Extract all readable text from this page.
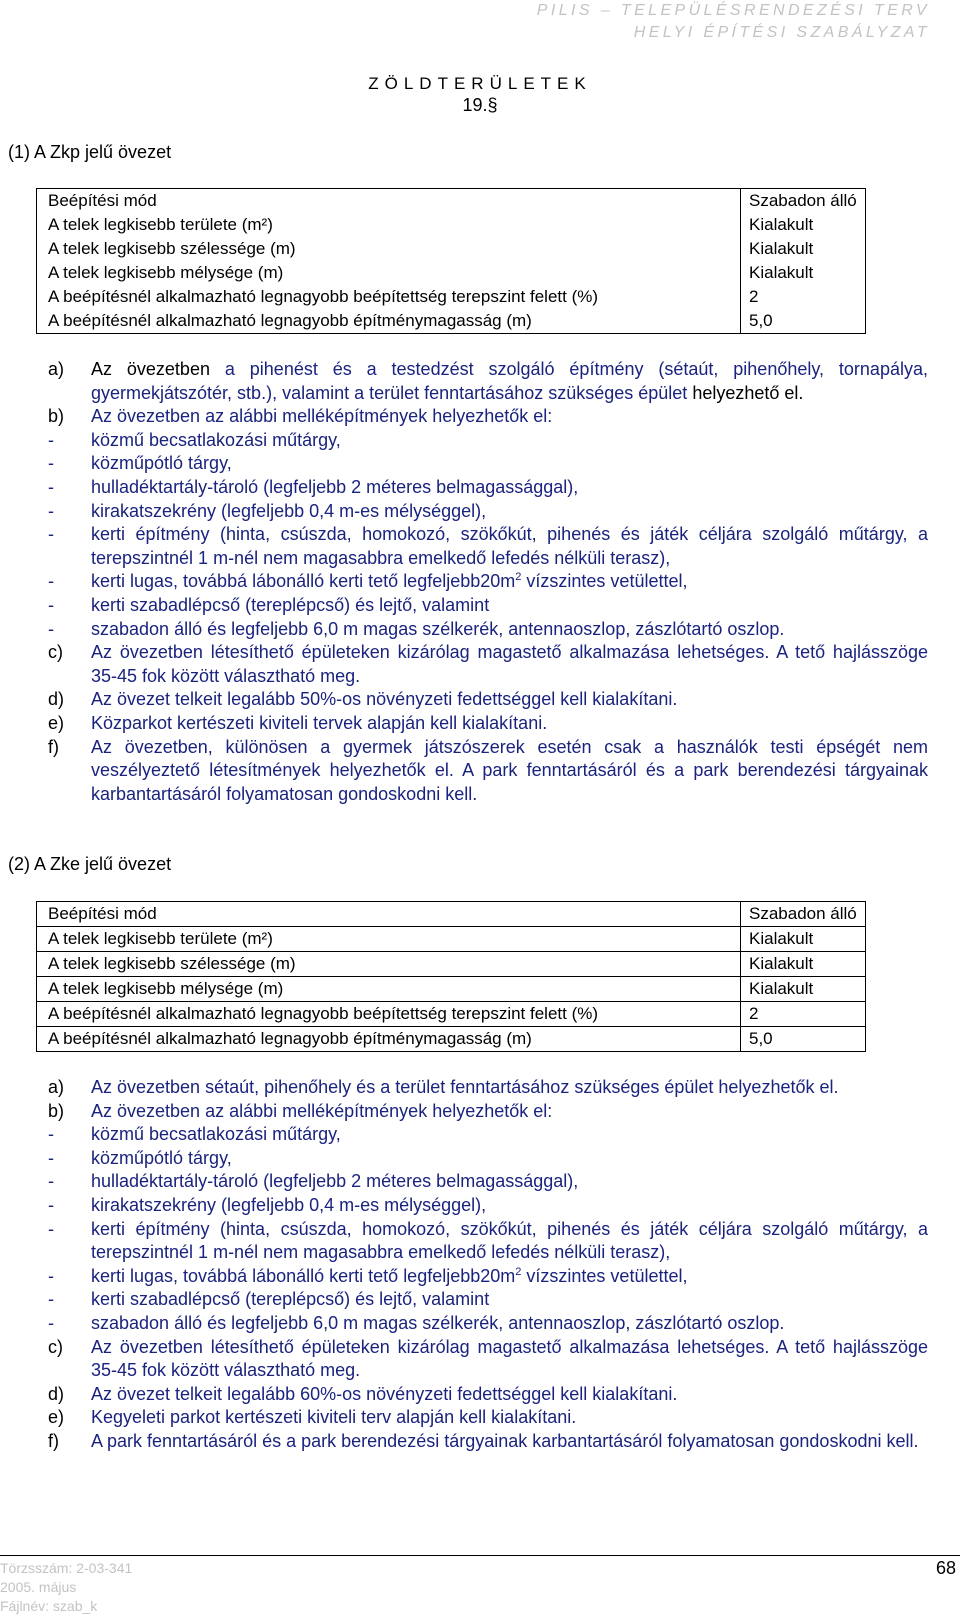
PILIS – TELEPÜLÉSRENDEZÉSI TERV
HELYI ÉPÍTÉSI SZABÁLYZAT
ZÖLDTERÜLETEK
19.§
(1) A Zkp jelű övezet
Beépítési mód	Szabadon álló
A telek legkisebb területe (m²)	Kialakult
A telek legkisebb szélessége (m)	Kialakult
A telek legkisebb mélysége (m)	Kialakult
A beépítésnél alkalmazható legnagyobb beépítettség terepszint felett (%)	2
A beépítésnél alkalmazható legnagyobb építménymagasság (m)	5,0
a) Az övezetben a pihenést és a testedzést szolgáló építmény (sétaút, pihenőhely, tornapálya, gyermekjátszótér, stb.), valamint a terület fenntartásához szükséges épület helyezhető el.
b) Az övezetben az alábbi melléképítmények helyezhetők el:
- közmű becsatlakozási műtárgy,
- közműpótló tárgy,
- hulladéktartály-tároló (legfeljebb 2 méteres belmagassággal),
- kirakatszekrény (legfeljebb 0,4 m-es mélységgel),
- kerti építmény (hinta, csúszda, homokozó, szökőkút, pihenés és játék céljára szolgáló műtárgy, a terepszintnél 1 m-nél nem magasabbra emelkedő lefedés nélküli terasz),
- kerti lugas, továbbá lábonálló kerti tető $legfeljebb20m^2$ vízszintes vetülettel,
- kerti szabadlépcső (tereplépcső) és lejtő, valamint
- szabadon álló és legfeljebb 6,0 m magas szélkerék, antennaoszlop, zászlótartó oszlop.
c) Az övezetben létesíthető épületeken kizárólag magastető alkalmazása lehetséges. A tető hajlásszöge 35-45 fok között választható meg.
d) Az övezet telkeit legalább 50%-os növényzeti fedettséggel kell kialakítani.
e) Közparkot kertészeti kiviteli tervek alapján kell kialakítani.
f) Az övezetben, különösen a gyermek játszószerek esetén csak a használók testi épségét nem veszélyeztető létesítmények helyezhetők el. A park fenntartásáról és a park berendezési tárgyainak karbantartásáról folyamatosan gondoskodni kell.
(2) A Zke jelű övezet
Beépítési mód	Szabadon álló
A telek legkisebb területe (m²)	Kialakult
A telek legkisebb szélessége (m)	Kialakult
A telek legkisebb mélysége (m)	Kialakult
A beépítésnél alkalmazható legnagyobb beépítettség terepszint felett (%)	2
A beépítésnél alkalmazható legnagyobb építménymagasság (m)	5,0
a) Az övezetben sétaút, pihenőhely és a terület fenntartásához szükséges épület helyezhetők el.
b) Az övezetben az alábbi melléképítmények helyezhetők el:
- közmű becsatlakozási műtárgy,
- közműpótló tárgy,
- hulladéktartály-tároló (legfeljebb 2 méteres belmagassággal),
- kirakatszekrény (legfeljebb 0,4 m-es mélységgel),
- kerti építmény (hinta, csúszda, homokozó, szökőkút, pihenés és játék céljára szolgáló műtárgy, a terepszintnél 1 m-nél nem magasabbra emelkedő lefedés nélküli terasz),
- kerti lugas, továbbá lábonálló kerti tető $legfeljebb20m^2$ vízszintes vetülettel,
- kerti szabadlépcső (tereplépcső) és lejtő, valamint
- szabadon álló és legfeljebb 6,0 m magas szélkerék, antennaoszlop, zászlótartó oszlop.
c) Az övezetben létesíthető épületeken kizárólag magastető alkalmazása lehetséges. A tető hajlásszöge 35-45 fok között választható meg.
d) Az övezet telkeit legalább 60%-os növényzeti fedettséggel kell kialakítani.
e) Kegyeleti parkot kertészeti kiviteli terv alapján kell kialakítani.
f) A park fenntartásáról és a park berendezési tárgyainak karbantartásáról folyamatosan gondoskodni kell.
Törzsszám: 2-03-341
2005. május
Fájlnév: szab_k
68
